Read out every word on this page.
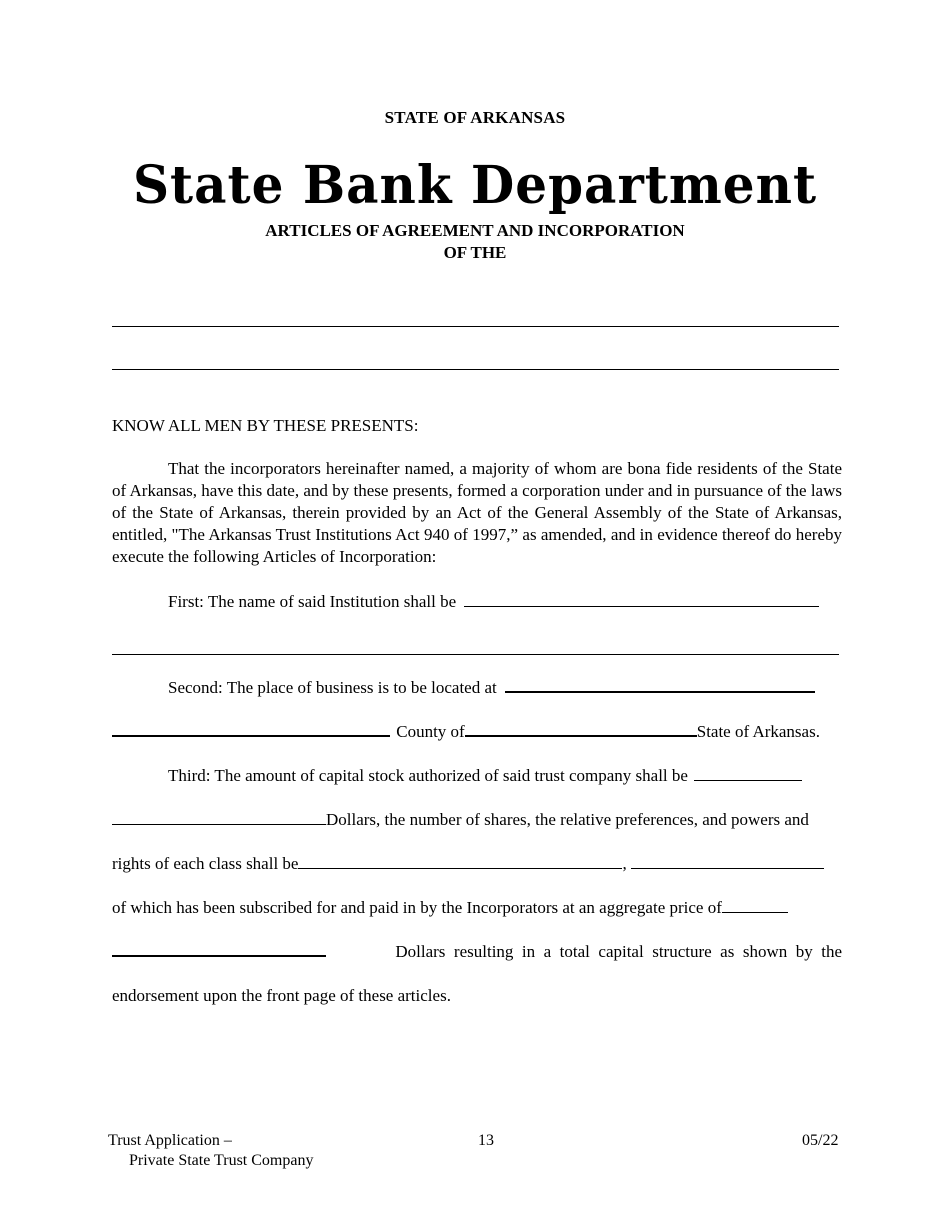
STATE OF ARKANSAS
State Bank Department
ARTICLES OF AGREEMENT AND INCORPORATION
OF THE
KNOW ALL MEN BY THESE PRESENTS:
That the incorporators hereinafter named, a majority of whom are bona fide residents of the State of Arkansas, have this date, and by these presents, formed a corporation under and in pursuance of the laws of the State of Arkansas, therein provided by an Act of the General Assembly of the State of Arkansas, entitled, "The Arkansas Trust Institutions Act 940 of 1997,” as amended, and in evidence thereof do hereby execute the following Articles of Incorporation:
First: The name of said Institution shall be
Second: The place of business is to be located at
County of	State of Arkansas.
Third: The amount of capital stock authorized of said trust company shall be
Dollars, the number of shares, the relative preferences, and powers and
rights of each class shall be	,
of which has been subscribed for and paid in by the Incorporators at an aggregate price of
Dollars  resulting  in  a  total  capital  structure  as  shown  by  the
endorsement upon the front page of these articles.
Trust Application –
Private State Trust Company
13	05/22
